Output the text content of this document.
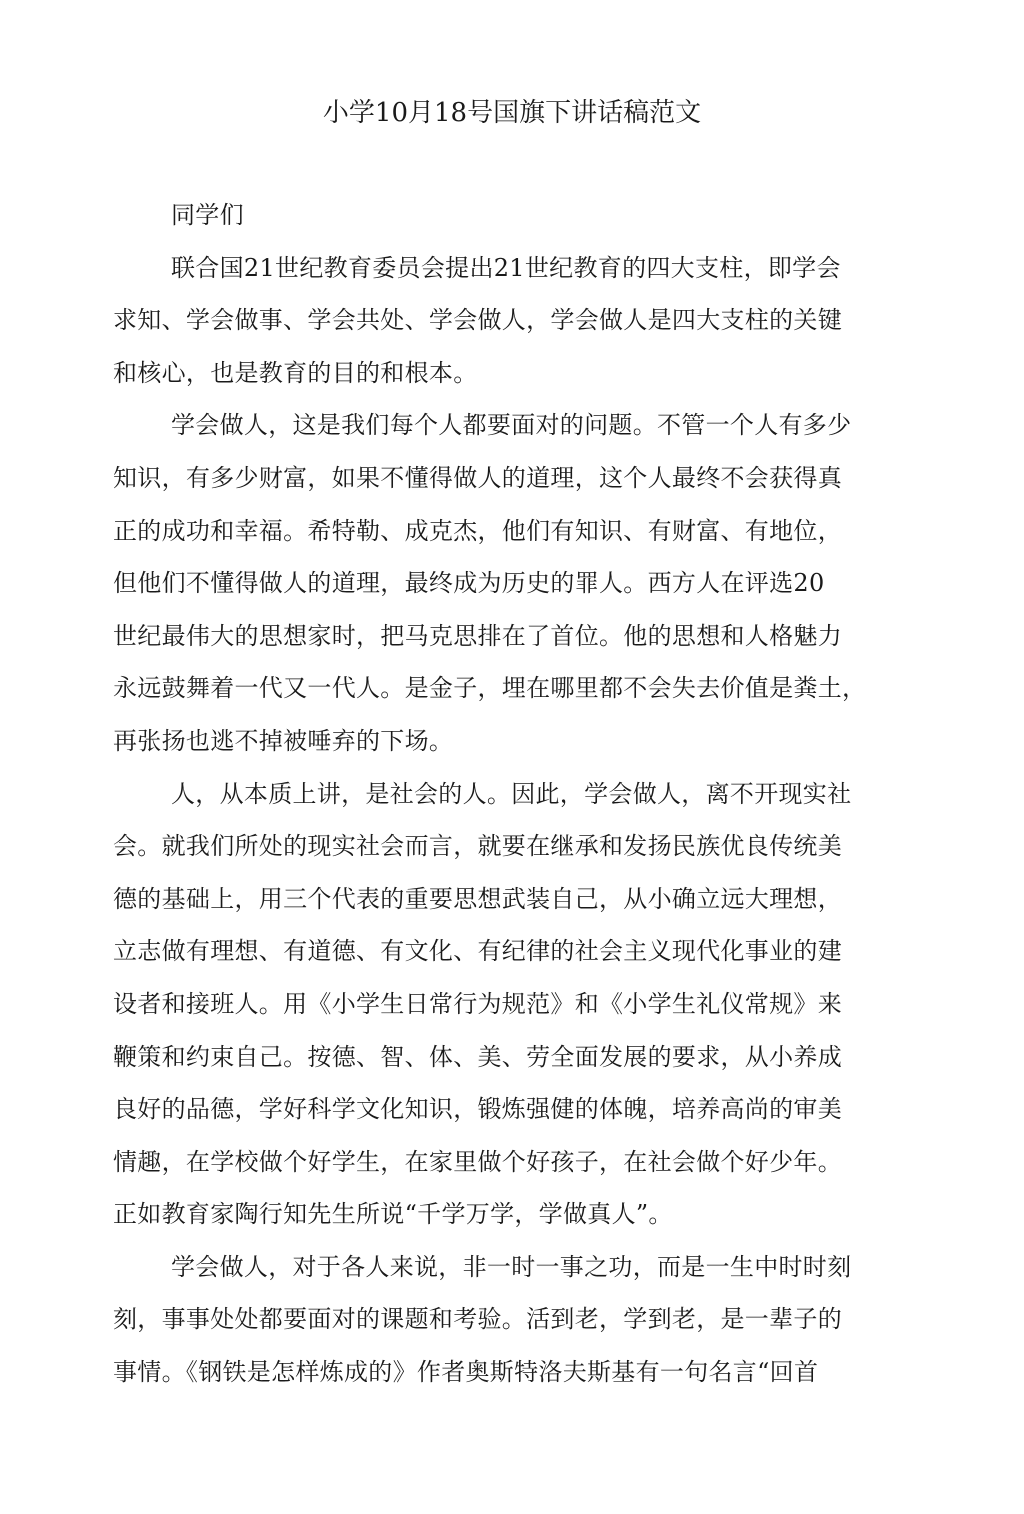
小学10月18号国旗下讲话稿范文
同学们
联合国21世纪教育委员会提出21世纪教育的四大支柱，即学会
求知、学会做事、学会共处、学会做人，学会做人是四大支柱的关键
和核心，也是教育的目的和根本。
学会做人，这是我们每个人都要面对的问题。不管一个人有多少
知识，有多少财富，如果不懂得做人的道理，这个人最终不会获得真
正的成功和幸福。希特勒、成克杰，他们有知识、有财富、有地位，
但他们不懂得做人的道理，最终成为历史的罪人。西方人在评选20
世纪最伟大的思想家时，把马克思排在了首位。他的思想和人格魅力
永远鼓舞着一代又一代人。是金子，埋在哪里都不会失去价值是粪土，
再张扬也逃不掉被唾弃的下场。
人，从本质上讲，是社会的人。因此，学会做人，离不开现实社
会。就我们所处的现实社会而言，就要在继承和发扬民族优良传统美
德的基础上，用三个代表的重要思想武装自己，从小确立远大理想，
立志做有理想、有道德、有文化、有纪律的社会主义现代化事业的建
设者和接班人。用《小学生日常行为规范》和《小学生礼仪常规》来
鞭策和约束自己。按德、智、体、美、劳全面发展的要求，从小养成
良好的品德，学好科学文化知识，锻炼强健的体魄，培养高尚的审美
情趣，在学校做个好学生，在家里做个好孩子，在社会做个好少年。
正如教育家陶行知先生所说“千学万学，学做真人”。
学会做人，对于各人来说，非一时一事之功，而是一生中时时刻
刻，事事处处都要面对的课题和考验。活到老，学到老，是一辈子的
事情。《钢铁是怎样炼成的》作者奥斯特洛夫斯基有一句名言“回首
